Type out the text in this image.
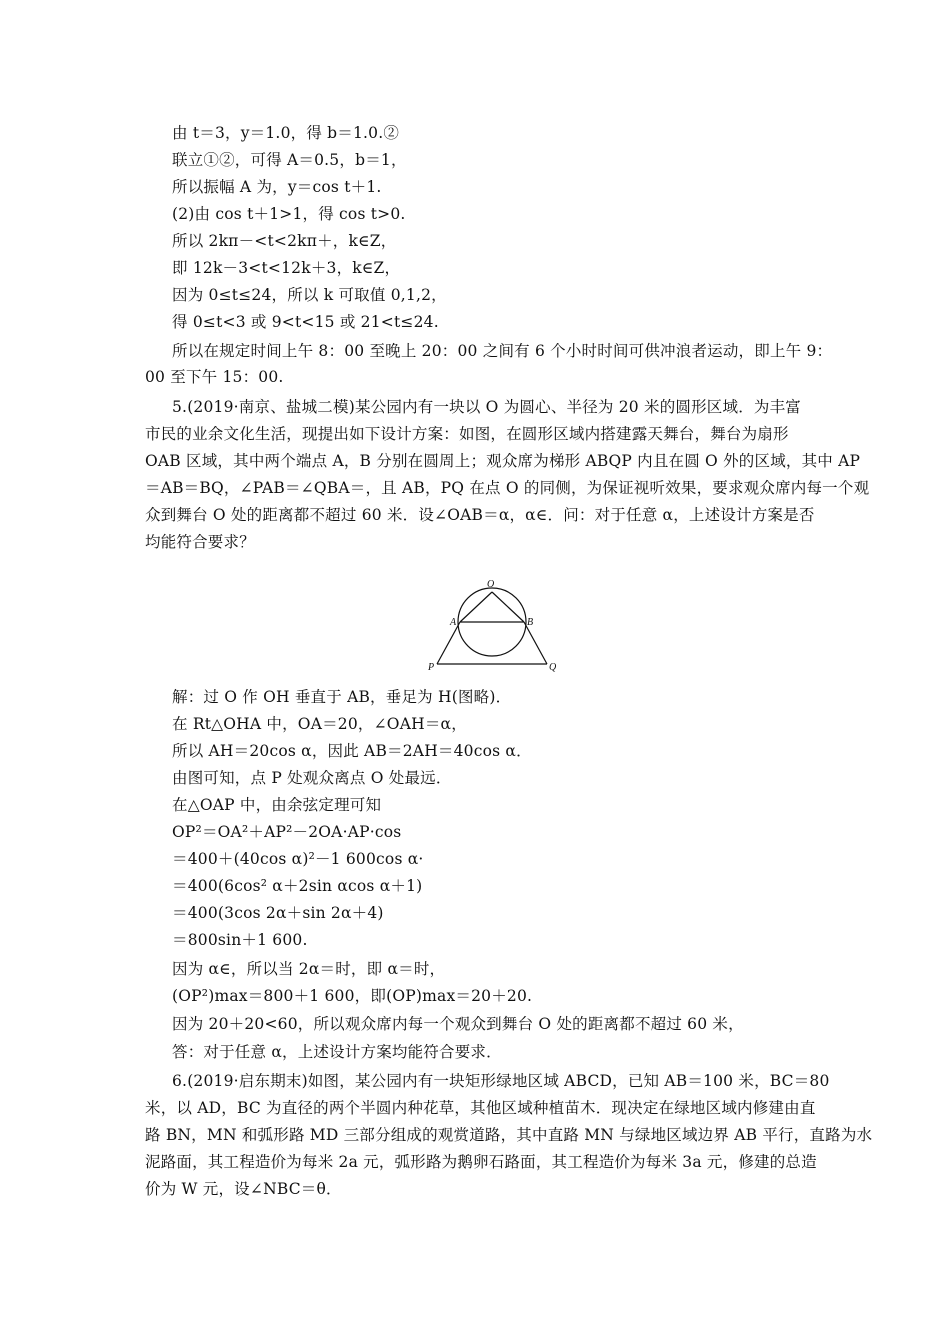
由 t＝3，y＝1.0，得 b＝1.0.②
联立①②，可得 A＝0.5，b＝1，
所以振幅 A 为，y＝cos t＋1.
(2)由 cos t＋1>1，得 cos t>0.
所以 2kπ－<t<2kπ＋，k∈Z，
即 12k－3<t<12k＋3，k∈Z，
因为 0≤t≤24，所以 k 可取值 0,1,2，
得 0≤t<3 或 9<t<15 或 21<t≤24.
所以在规定时间上午 8：00 至晚上 20：00 之间有 6 个小时时间可供冲浪者运动，即上午 9：
00 至下午 15：00.
5.(2019·南京、盐城二模)某公园内有一块以 O 为圆心、半径为 20 米的圆形区域．为丰富
市民的业余文化生活，现提出如下设计方案：如图，在圆形区域内搭建露天舞台，舞台为扇形
OAB 区域，其中两个端点 A，B 分别在圆周上；观众席为梯形 ABQP 内且在圆 O 外的区域，其中 AP
＝AB＝BQ，∠PAB＝∠QBA＝，且 AB，PQ 在点 O 的同侧，为保证视听效果，要求观众席内每一个观
众到舞台 O 处的距离都不超过 60 米．设∠OAB＝α，α∈．问：对于任意 α，上述设计方案是否
均能符合要求？
O
A	B
P	Q
解：过 O 作 OH 垂直于 AB，垂足为 H(图略)．
在 Rt△OHA 中，OA＝20，∠OAH＝α，
所以 AH＝20cos α，因此 AB＝2AH＝40cos α．
由图可知，点 P 处观众离点 O 处最远．
在△OAP 中，由余弦定理可知
OP²＝OA²＋AP²－2OA·AP·cos
＝400＋(40cos α)²－1 600cos α·
＝400(6cos² α＋2sin αcos α＋1)
＝400(3cos 2α＋sin 2α＋4)
＝800sin＋1 600.
因为 α∈，所以当 2α＝时，即 α＝时，
(OP²)max＝800＋1 600，即(OP)max＝20＋20.
因为 20＋20<60，所以观众席内每一个观众到舞台 O 处的距离都不超过 60 米，
答：对于任意 α，上述设计方案均能符合要求．
6.(2019·启东期末)如图，某公园内有一块矩形绿地区域 ABCD，已知 AB＝100 米，BC＝80
米，以 AD，BC 为直径的两个半圆内种花草，其他区域种植苗木．现决定在绿地区域内修建由直
路 BN，MN 和弧形路 MD 三部分组成的观赏道路，其中直路 MN 与绿地区域边界 AB 平行，直路为水
泥路面，其工程造价为每米 2a 元，弧形路为鹅卵石路面，其工程造价为每米 3a 元，修建的总造
价为 W 元，设∠NBC＝θ．
